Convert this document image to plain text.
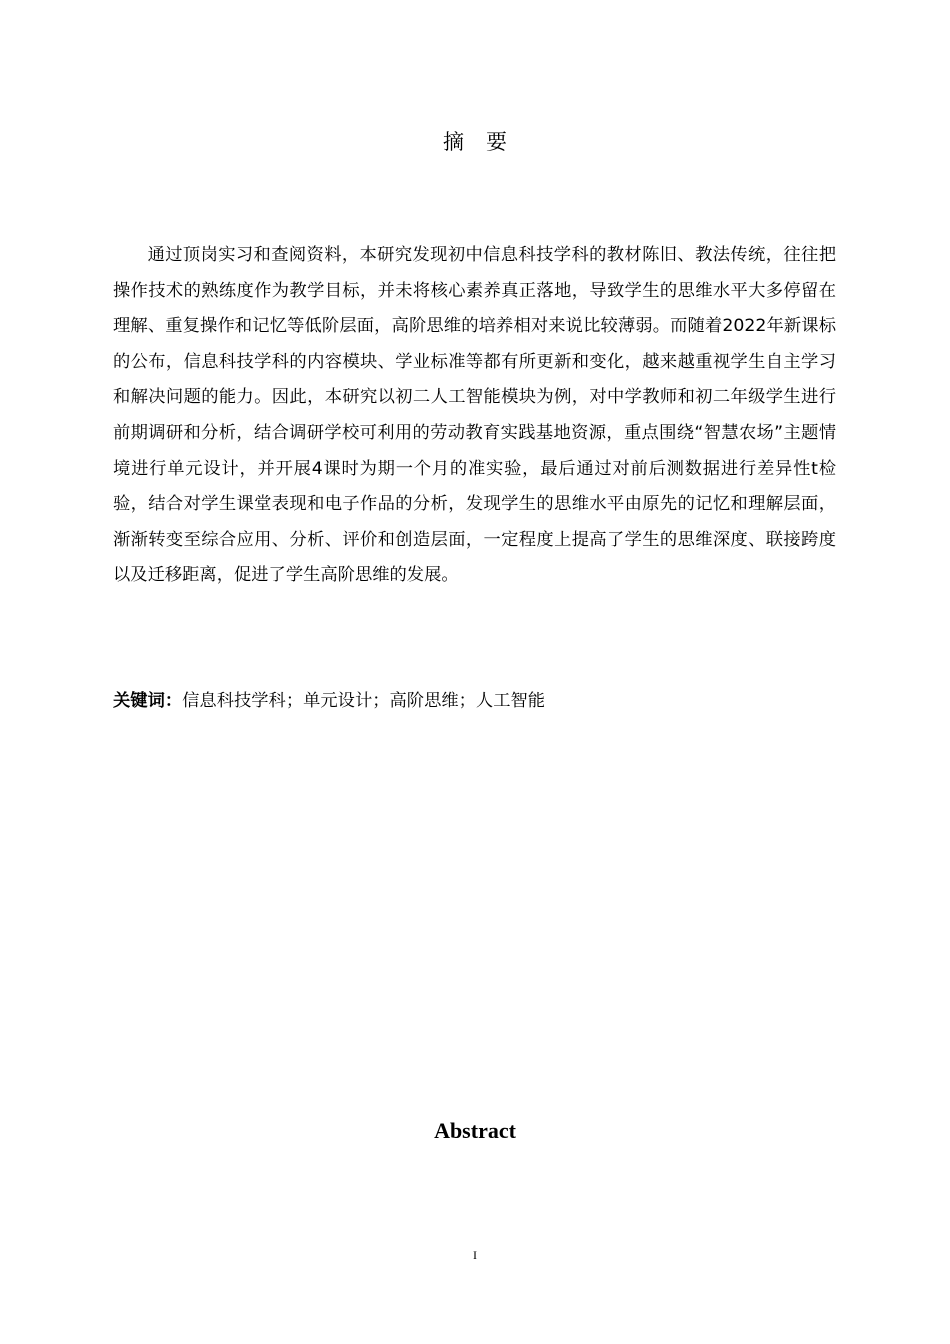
摘要

通过顶岗实习和查阅资料，本研究发现初中信息科技学科的教材陈旧、教法传统，往往把操作技术的熟练度作为教学目标，并未将核心素养真正落地，导致学生的思维水平大多停留在理解、重复操作和记忆等低阶层面，高阶思维的培养相对来说比较薄弱。而随着2022年新课标的公布，信息科技学科的内容模块、学业标准等都有所更新和变化，越来越重视学生自主学习和解决问题的能力。因此，本研究以初二人工智能模块为例，对中学教师和初二年级学生进行前期调研和分析，结合调研学校可利用的劳动教育实践基地资源，重点围绕“智慧农场”主题情境进行单元设计，并开展4课时为期一个月的准实验，最后通过对前后测数据进行差异性t检验，结合对学生课堂表现和电子作品的分析，发现学生的思维水平由原先的记忆和理解层面，渐渐转变至综合应用、分析、评价和创造层面，一定程度上提高了学生的思维深度、联接跨度以及迁移距离，促进了学生高阶思维的发展。

关键词：信息科技学科；单元设计；高阶思维；人工智能
Abstract
I
